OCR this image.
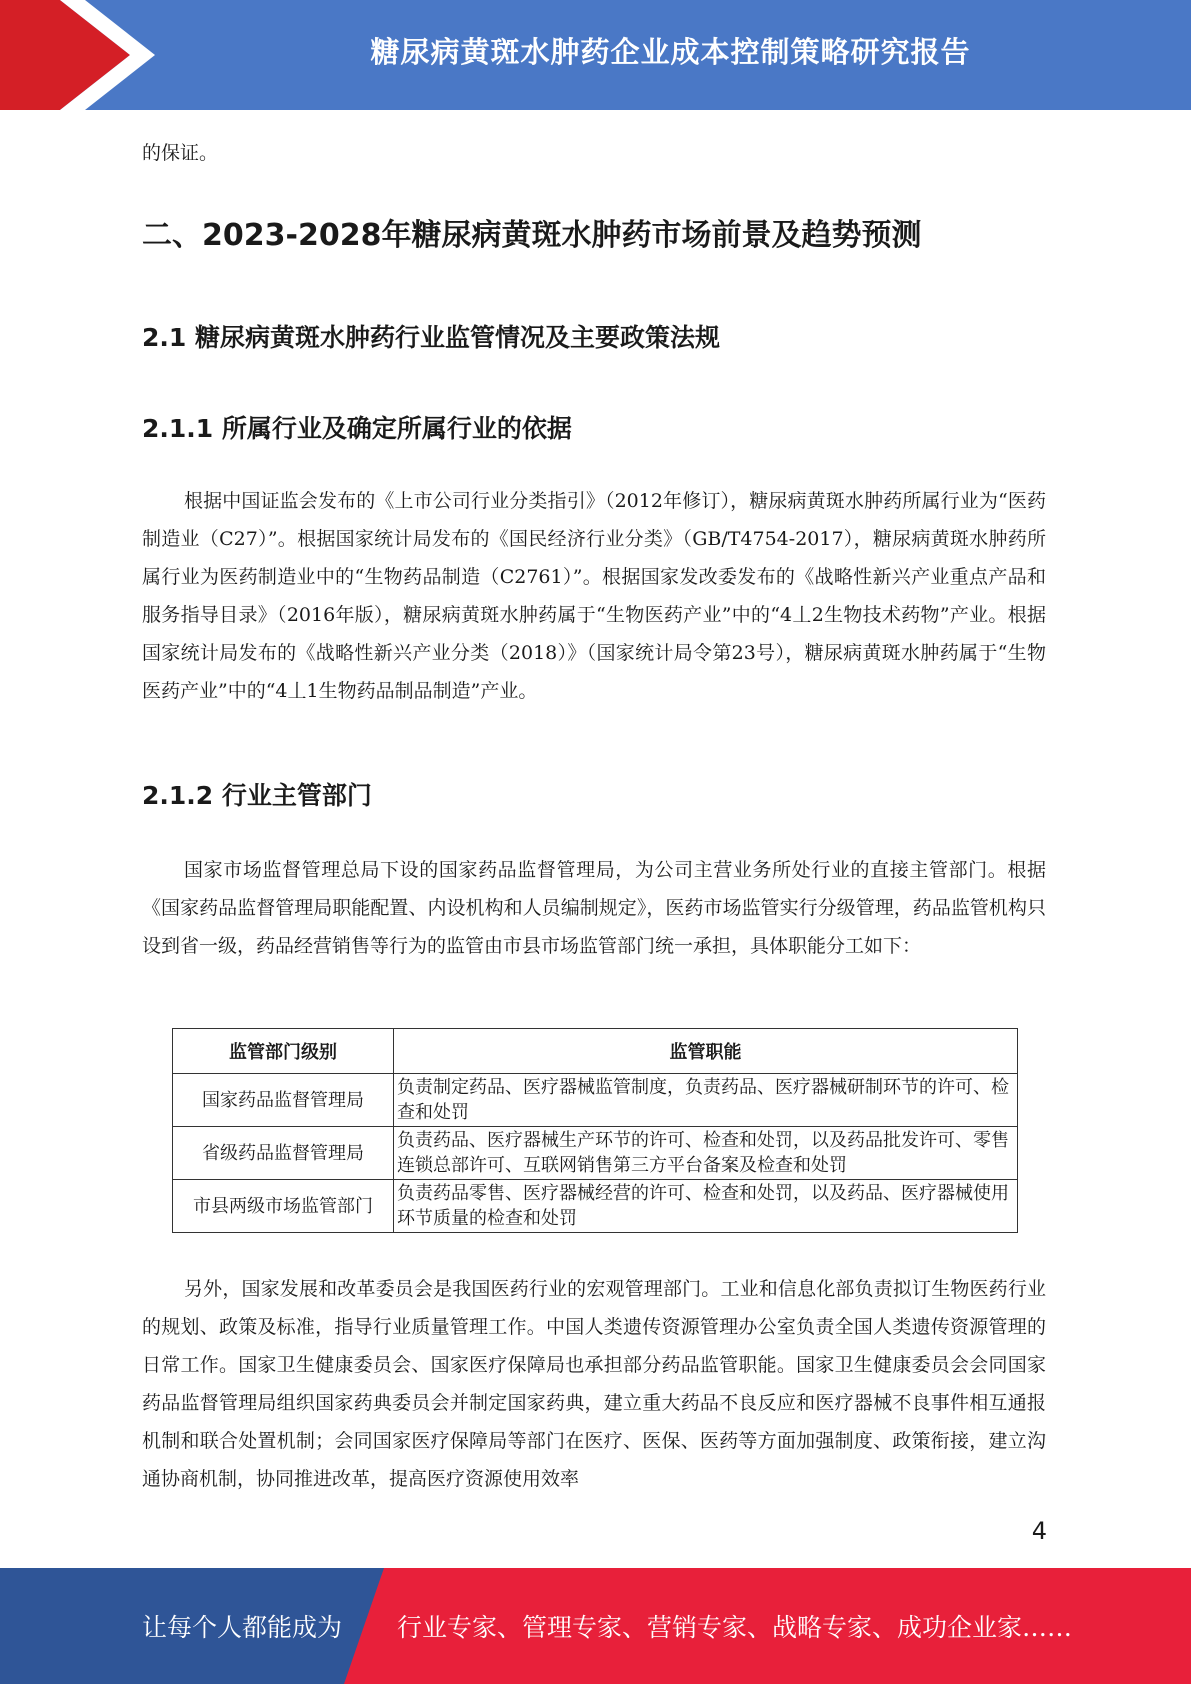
糖尿病黄斑水肿药企业成本控制策略研究报告

的保证。

二、2023-2028年糖尿病黄斑水肿药市场前景及趋势预测
2.1 糖尿病黄斑水肿药行业监管情况及主要政策法规
2.1.1 所属行业及确定所属行业的依据

根据中国证监会发布的《上市公司行业分类指引》（2012年修订），糖尿病黄斑水肿药所属行业为“医药制造业（C27）”。根据国家统计局发布的《国民经济行业分类》（GB/T4754-2017），糖尿病黄斑水肿药所属行业为医药制造业中的“生物药品制造（C2761）”。根据国家发改委发布的《战略性新兴产业重点产品和服务指导目录》（2016年版），糖尿病黄斑水肿药属于“生物医药产业”中的“4丄2生物技术药物”产业。根据国家统计局发布的《战略性新兴产业分类（2018）》（国家统计局令第23号），糖尿病黄斑水肿药属于“生物医药产业”中的“4丄1生物药品制品制造”产业。

2.1.2 行业主管部门

国家市场监督管理总局下设的国家药品监督管理局，为公司主营业务所处行业的直接主管部门。根据《国家药品监督管理局职能配置、内设机构和人员编制规定》，医药市场监管实行分级管理，药品监管机构只设到省一级，药品经营销售等行为的监管由市县市场监管部门统一承担，具体职能分工如下：

监管部门级别	监管职能
国家药品监督管理局	负责制定药品、医疗器械监管制度，负责药品、医疗器械研制环节的许可、检查和处罚
省级药品监督管理局	负责药品、医疗器械生产环节的许可、检查和处罚，以及药品批发许可、零售连锁总部许可、互联网销售第三方平台备案及检查和处罚
市县两级市场监管部门	负责药品零售、医疗器械经营的许可、检查和处罚，以及药品、医疗器械使用环节质量的检查和处罚

另外，国家发展和改革委员会是我国医药行业的宏观管理部门。工业和信息化部负责拟订生物医药行业的规划、政策及标准，指导行业质量管理工作。中国人类遗传资源管理办公室负责全国人类遗传资源管理的日常工作。国家卫生健康委员会、国家医疗保障局也承担部分药品监管职能。国家卫生健康委员会会同国家药品监督管理局组织国家药典委员会并制定国家药典，建立重大药品不良反应和医疗器械不良事件相互通报机制和联合处置机制；会同国家医疗保障局等部门在医疗、医保、医药等方面加强制度、政策衔接，建立沟通协商机制，协同推进改革，提高医疗资源使用效率

4
让每个人都能成为 行业专家、管理专家、营销专家、战略专家、成功企业家……
